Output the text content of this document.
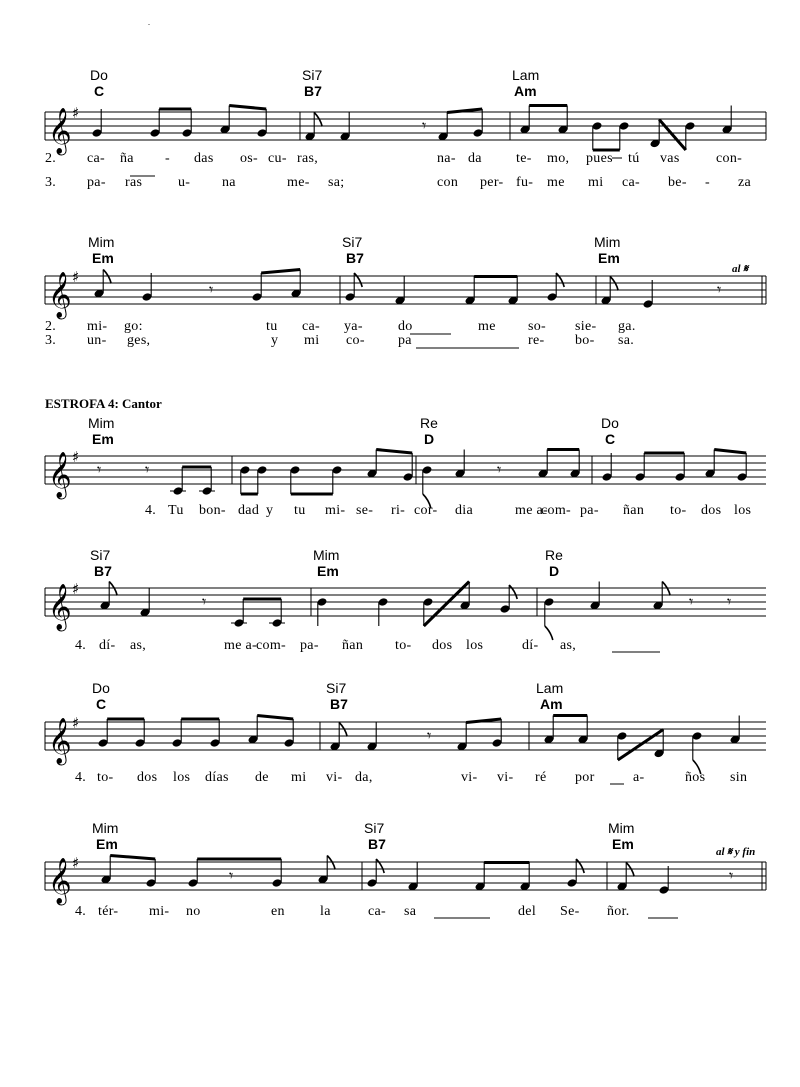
Do
C
Si7
B7
Lam
Am
𝄞 ♯
𝄾
2. ca- ña - das os- cu- ras,	na- da te- mo, pues tú vas	con-
3. pa- ras	u- na	me- sa;	con per- fu- me mi ca- be- - za
Mim
Em
Si7
B7
Mim
Em
al 𝄋
𝄞 ♯
𝄾	𝄾
2. mi- go:	tu ca- ya-	do	me so- sie- ga.
3. un- ges,	y mi co- pa	re- bo- sa.
ESTROFA 4: Cantor
Mim
Em
Re
D
Do
C
𝄞 ♯
𝄾	𝄾	𝄾
4. Tu bon- dad y tu mi- se- ri- cor- dia	me a-
com- pa- ñan to- dos los
Si7
B7
Mim
Em
Re
D
𝄞 ♯
𝄾	𝄾 𝄾
4. dí- as,	me a- com- pa- ñan to- dos los	dí- as,
Do
C
Si7
B7
Lam
Am
𝄞 ♯
𝄾
4. to- dos los días de mi vi- da,	vi- vi- ré por	a-	ños sin
Mim
Em
Si7
B7
Mim
Em	al 𝄋 y fin
𝄞 ♯
𝄾	𝄾
4. tér- mi- no	en	la	ca- sa	del Se- ñor.
-
